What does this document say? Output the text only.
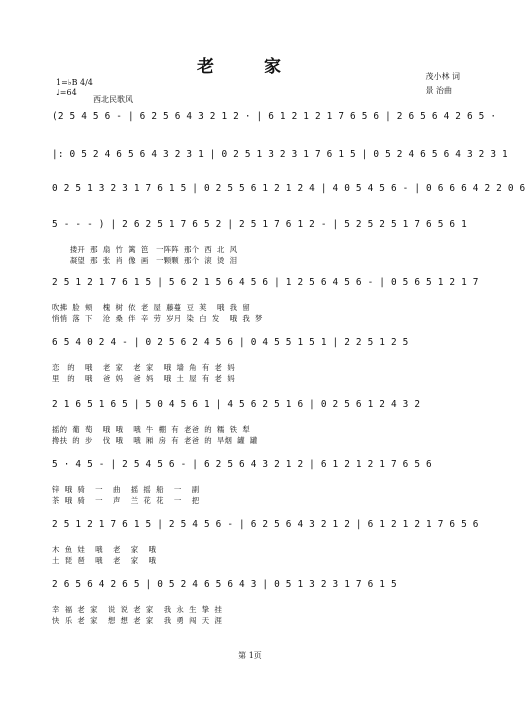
老 家	茂小林 词
景 治曲
1=♭B 4/4
♩=64
西北民歌风
(2 5 4 5 6 - | 6 2 5 6 4 3 2 1 2 · | 6 1 2 1 2 1 7 6 5 6 | 2 6 5 6 4 2 6 5 ·
|: 0 5 2 4 6 5 6 4 3 2 3 1 | 0 2 5 1 3 2 3 1 7 6 1 5 | 0 5 2 4 6 5 6 4 3 2 3 1
0 2 5 1 3 2 3 1 7 6 1 5 | 0 2 5 5 6 1 2 1 2 4 | 4 0 5 4 5 6 - | 0 6 6 6 4 2 2 0 6
5 - - - ) | 2 6 2 5 1 7 6 5 2 | 2 5 1 7 6 1 2 - | 5 2 5 2 5 1 7 6 5 6 1
搂开  那  扇  竹  篱  笆   一阵阵  那个  西  北  风
凝望  那  张  肖  像  画   一颗颗  那个  滚  烫  泪
2 5 1 2 1 7 6 1 5 | 5 6 2 1 5 6 4 5 6 | 1 2 5 6 4 5 6 - | 0 5 6 5 1 2 1 7
吹拂  脸  颊    槐  树  依  老  屋  藤蔓  豆  荚    哦  我  留
悄悄  落  下    沧  桑  伴  辛  劳  岁月  染  白  发    哦  我  梦
6 5 4 0 2 4 - | 0 2 5 6 2 4 5 6 | 0 4 5 5 1 5 1 | 2 2 5 1 2 5
恋   的    哦    老  家    老  家    哦  墙  角  有  老  妈
里   的    哦    爸  妈    爸  妈    哦  土  屋  有  老  妈
2 1 6 5 1 6 5 | 5 0 4 5 6 1 | 4 5 6 2 5 1 6 | 0 2 5 6 1 2 4 3 2
摇的  葡  萄    哦  哦    哦  牛  棚  有  老爸  的  糯  铁  犁
搀扶  的  步    伐  哦    哦  厢  房  有  老爸  的  旱烟  罐  罐
5 · 4 5 - | 2 5 4 5 6 - | 6 2 5 6 4 3 2 1 2 | 6 1 2 1 2 1 7 6 5 6
锌  哦  骑    一    曲    摇  摇  船    一    副
茶  哦  骑    一    声    兰  花  花    一    把
2 5 1 2 1 7 6 1 5 | 2 5 4 5 6 - | 6 2 5 6 4 3 2 1 2 | 6 1 2 1 2 1 7 6 5 6
木  鱼  娃    哦    老    家    哦
土  琵  琶    哦    老    家    哦
2 6 5 6 4 2 6 5 | 0 5 2 4 6 5 6 4 3 | 0 5 1 3 2 3 1 7 6 1 5
幸  福  老  家    说  说  老  家    我  永  生  挚  挂
快  乐  老  家    想  想  老  家    我  勇  闯  天  涯
第 1页
